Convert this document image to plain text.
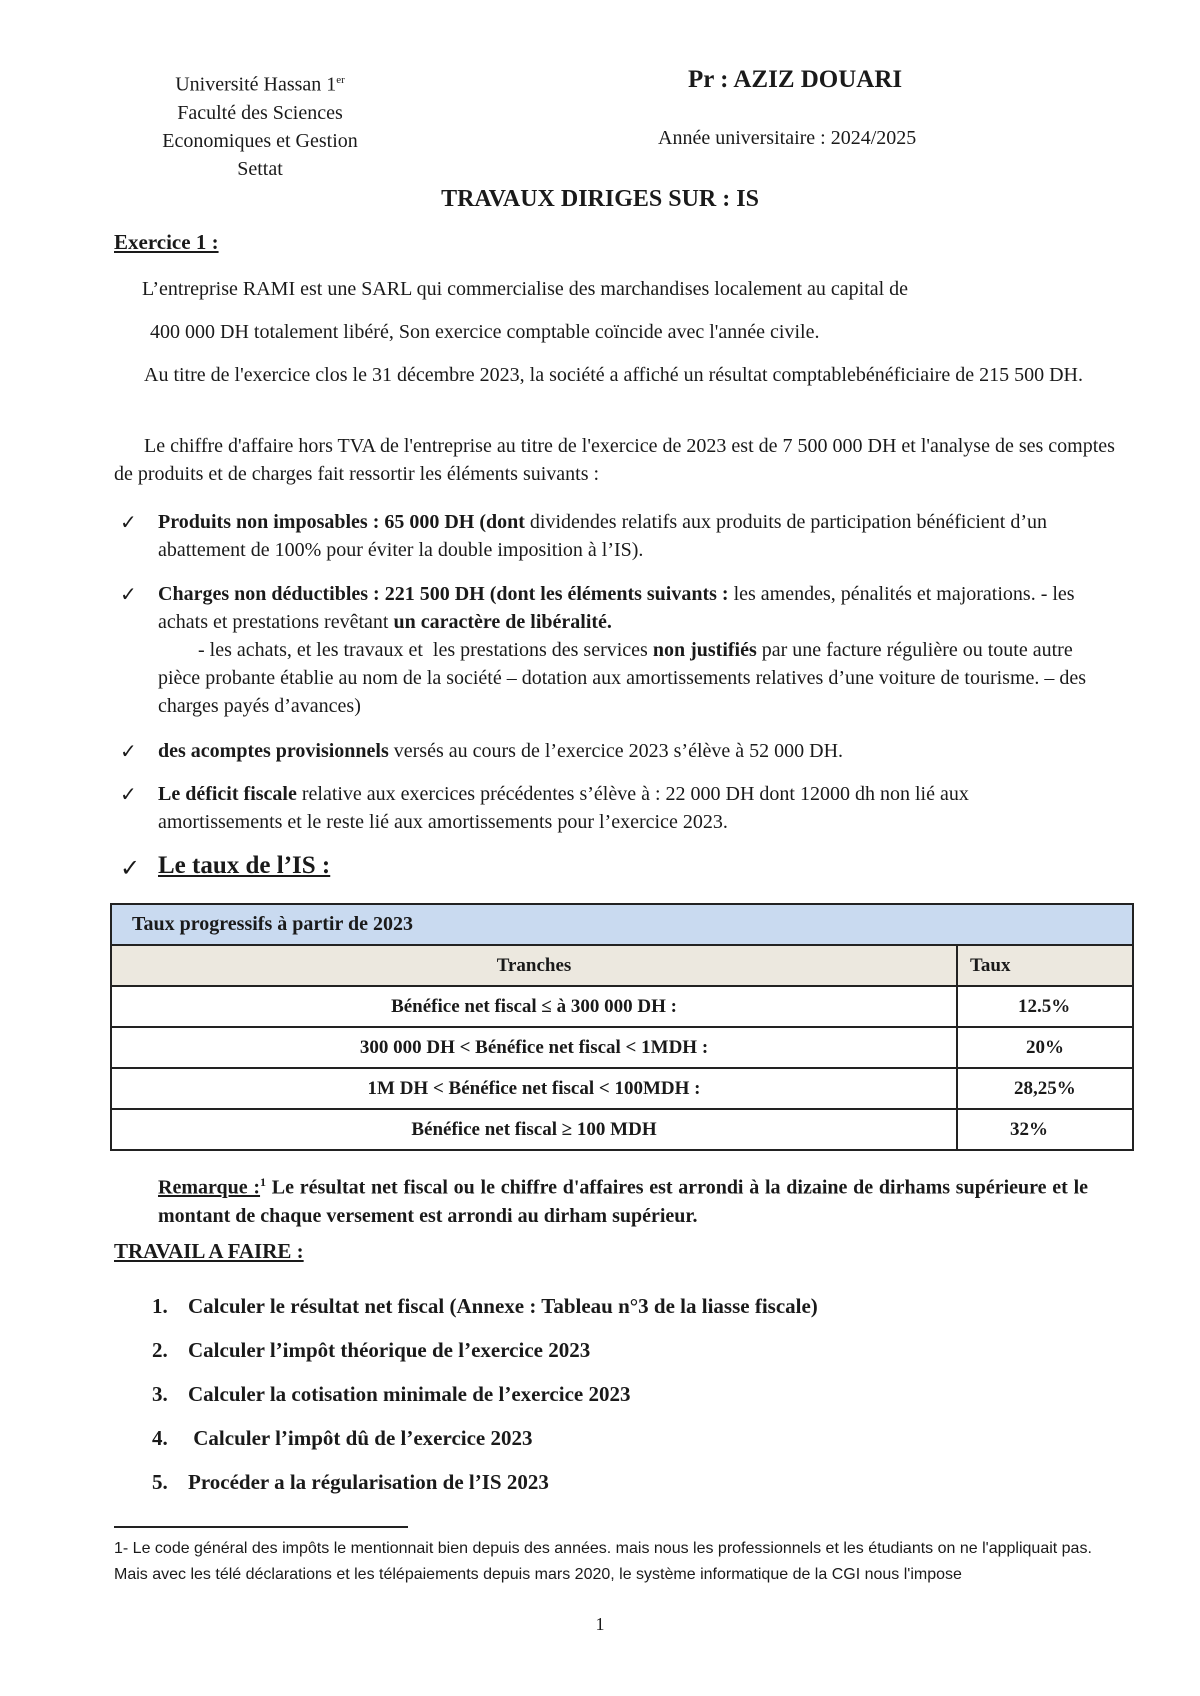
Université Hassan 1er
Faculté des Sciences
Economiques et Gestion
Settat
Pr : AZIZ DOUARI
Année universitaire : 2024/2025
TRAVAUX DIRIGES SUR : IS
Exercice 1 :
L’entreprise RAMI est une SARL qui commercialise des marchandises localement au capital de
400 000 DH totalement libéré, Son exercice comptable coïncide avec l'année civile.
Au titre de l'exercice clos le 31 décembre 2023, la société a affiché un résultat comptablebénéficiaire de 215 500 DH.
Le chiffre d'affaire hors TVA de l'entreprise au titre de l'exercice de 2023 est de 7 500 000 DH et l'analyse de ses comptes de produits et de charges fait ressortir les éléments suivants :
✓ Produits non imposables : 65 000 DH (dont dividendes relatifs aux produits de participation bénéficient d’un abattement de 100% pour éviter la double imposition à l’IS).
✓ Charges non déductibles : 221 500 DH (dont les éléments suivants : les amendes, pénalités et majorations. - les achats et prestations revêtant un caractère de libéralité.        - les achats, et les travaux et  les prestations des services non justifiés par une facture régulière ou toute autre pièce probante établie au nom de la société – dotation aux amortissements relatives d’une voiture de tourisme. – des charges payés d’avances)
✓ des acomptes provisionnels versés au cours de l’exercice 2023 s’élève à 52 000 DH.
✓ Le déficit fiscale relative aux exercices précédentes s’élève à : 22 000 DH dont 12000 dh non lié aux amortissements et le reste lié aux amortissements pour l’exercice 2023.
✓ Le taux de l’IS :
Taux progressifs à partir de 2023	
Tranches	Taux
Bénéfice net fiscal ≤ à 300 000 DH :	12.5%
300 000 DH < Bénéfice net fiscal < 1MDH :	20%
1M DH < Bénéfice net fiscal < 100MDH :	28,25%
Bénéfice net fiscal ≥ 100 MDH	32%
Remarque :$^1$ Le résultat net fiscal ou le chiffre d'affaires est arrondi à la dizaine de dirhams supérieure et le montant de chaque versement est arrondi au dirham supérieur.
TRAVAIL A FAIRE :
1. Calculer le résultat net fiscal (Annexe : Tableau n°3 de la liasse fiscale)
2. Calculer l’impôt théorique de l’exercice 2023
3. Calculer la cotisation minimale de l’exercice 2023
4. Calculer l’impôt dû de l’exercice 2023
5. Procéder a la régularisation de l’IS 2023
1- Le code général des impôts le mentionnait bien depuis des années. mais nous les professionnels et les étudiants on ne l'appliquait pas. Mais avec les télé déclarations et les télépaiements depuis mars 2020, le système informatique de la CGI nous l'impose
1
